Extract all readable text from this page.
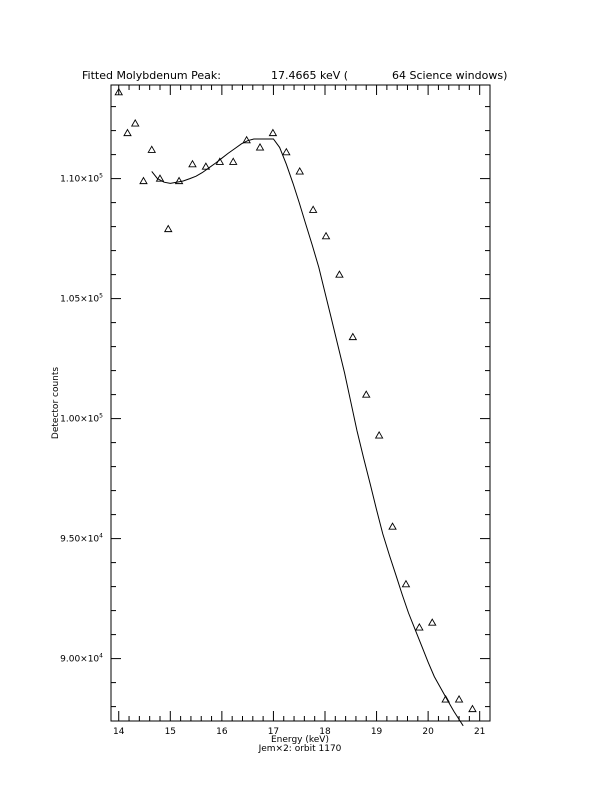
Fitted Molybdenum Peak:	17.4665 keV (	64 Science windows)
14	15	16	17	18	19	20	21
$9.00\times 10^4$
$9.50\times 10^4$
$1.00\times 10^5$
$1.05\times 10^5$
$1.10\times 10^5$
Energy (keV)
Detector counts
Jem×2: orbit 1170
